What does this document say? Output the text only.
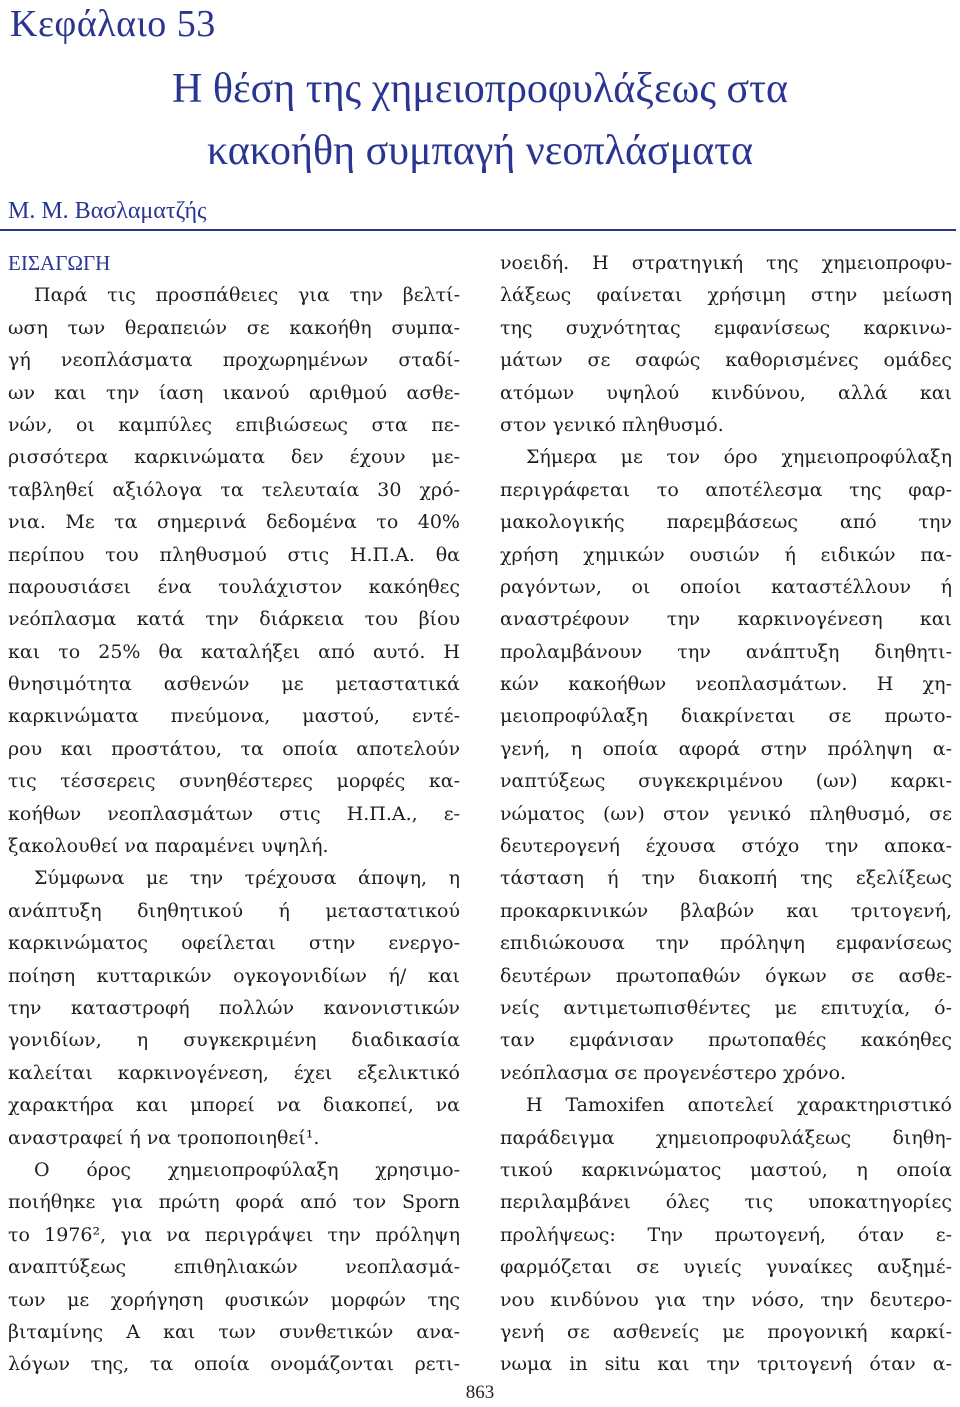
Κεφάλαιο 53
Η θέση της χημειοπροφυλάξεως στα
κακοήθη συμπαγή νεοπλάσματα
Μ. Μ. Βασλαματζής
ΕΙΣΑΓΩΓΗ
Παρά τις προσπάθειες για την βελτί-
ωση των θεραπειών σε κακοήθη συμπα-
γή νεοπλάσματα προχωρημένων σταδί-
ων και την ίαση ικανού αριθμού ασθε-
νών, οι καμπύλες επιβιώσεως στα πε-
ρισσότερα καρκινώματα δεν έχουν με-
ταβληθεί αξιόλογα τα τελευταία 30 χρό-
νια. Με τα σημερινά δεδομένα το 40%
περίπου του πληθυσμού στις Η.Π.Α. θα
παρουσιάσει ένα τουλάχιστον κακόηθες
νεόπλασμα κατά την διάρκεια του βίου
και το 25% θα καταλήξει από αυτό. Η
θνησιμότητα ασθενών με μεταστατικά
καρκινώματα πνεύμονα, μαστού, εντέ-
ρου και προστάτου, τα οποία αποτελούν
τις τέσσερεις συνηθέστερες μορφές κα-
κοήθων νεοπλασμάτων στις Η.Π.Α., ε-
ξακολουθεί να παραμένει υψηλή.
Σύμφωνα με την τρέχουσα άποψη, η
ανάπτυξη διηθητικού ή μεταστατικού
καρκινώματος οφείλεται στην ενεργο-
ποίηση κυτταρικών ογκογονιδίων ή/ και
την καταστροφή πολλών κανονιστικών
γονιδίων, η συγκεκριμένη διαδικασία
καλείται καρκινογένεση, έχει εξελικτικό
χαρακτήρα και μπορεί να διακοπεί, να
αναστραφεί ή να τροποποιηθεί¹.
Ο όρος χημειοπροφύλαξη χρησιμο-
ποιήθηκε για πρώτη φορά από τον Sporn
το 1976², για να περιγράψει την πρόληψη
αναπτύξεως επιθηλιακών νεοπλασμά-
των με χορήγηση φυσικών μορφών της
βιταμίνης Α και των συνθετικών ανα-
λόγων της, τα οποία ονομάζονται ρετι-
νοειδή. Η στρατηγική της χημειοπροφυ-
λάξεως φαίνεται χρήσιμη στην μείωση
της συχνότητας εμφανίσεως καρκινω-
μάτων σε σαφώς καθορισμένες ομάδες
ατόμων υψηλού κινδύνου, αλλά και
στον γενικό πληθυσμό.
Σήμερα με τον όρο χημειοπροφύλαξη
περιγράφεται το αποτέλεσμα της φαρ-
μακολογικής παρεμβάσεως από την
χρήση χημικών ουσιών ή ειδικών πα-
ραγόντων, οι οποίοι καταστέλλουν ή
αναστρέφουν την καρκινογένεση και
προλαμβάνουν την ανάπτυξη διηθητι-
κών κακοήθων νεοπλασμάτων. Η χη-
μειοπροφύλαξη διακρίνεται σε πρωτο-
γενή, η οποία αφορά στην πρόληψη α-
ναπτύξεως συγκεκριμένου (ων) καρκι-
νώματος (ων) στον γενικό πληθυσμό, σε
δευτερογενή έχουσα στόχο την αποκα-
τάσταση ή την διακοπή της εξελίξεως
προκαρκινικών βλαβών και τριτογενή,
επιδιώκουσα την πρόληψη εμφανίσεως
δευτέρων πρωτοπαθών όγκων σε ασθε-
νείς αντιμετωπισθέντες με επιτυχία, ό-
ταν εμφάνισαν πρωτοπαθές κακόηθες
νεόπλασμα σε προγενέστερο χρόνο.
Η Tamoxifen αποτελεί χαρακτηριστικό
παράδειγμα χημειοπροφυλάξεως διηθη-
τικού καρκινώματος μαστού, η οποία
περιλαμβάνει όλες τις υποκατηγορίες
προλήψεως: Την πρωτογενή, όταν ε-
φαρμόζεται σε υγιείς γυναίκες αυξημέ-
νου κινδύνου για την νόσο, την δευτερο-
γενή σε ασθενείς με προγονική καρκί-
νωμα in situ και την τριτογενή όταν α-
863
